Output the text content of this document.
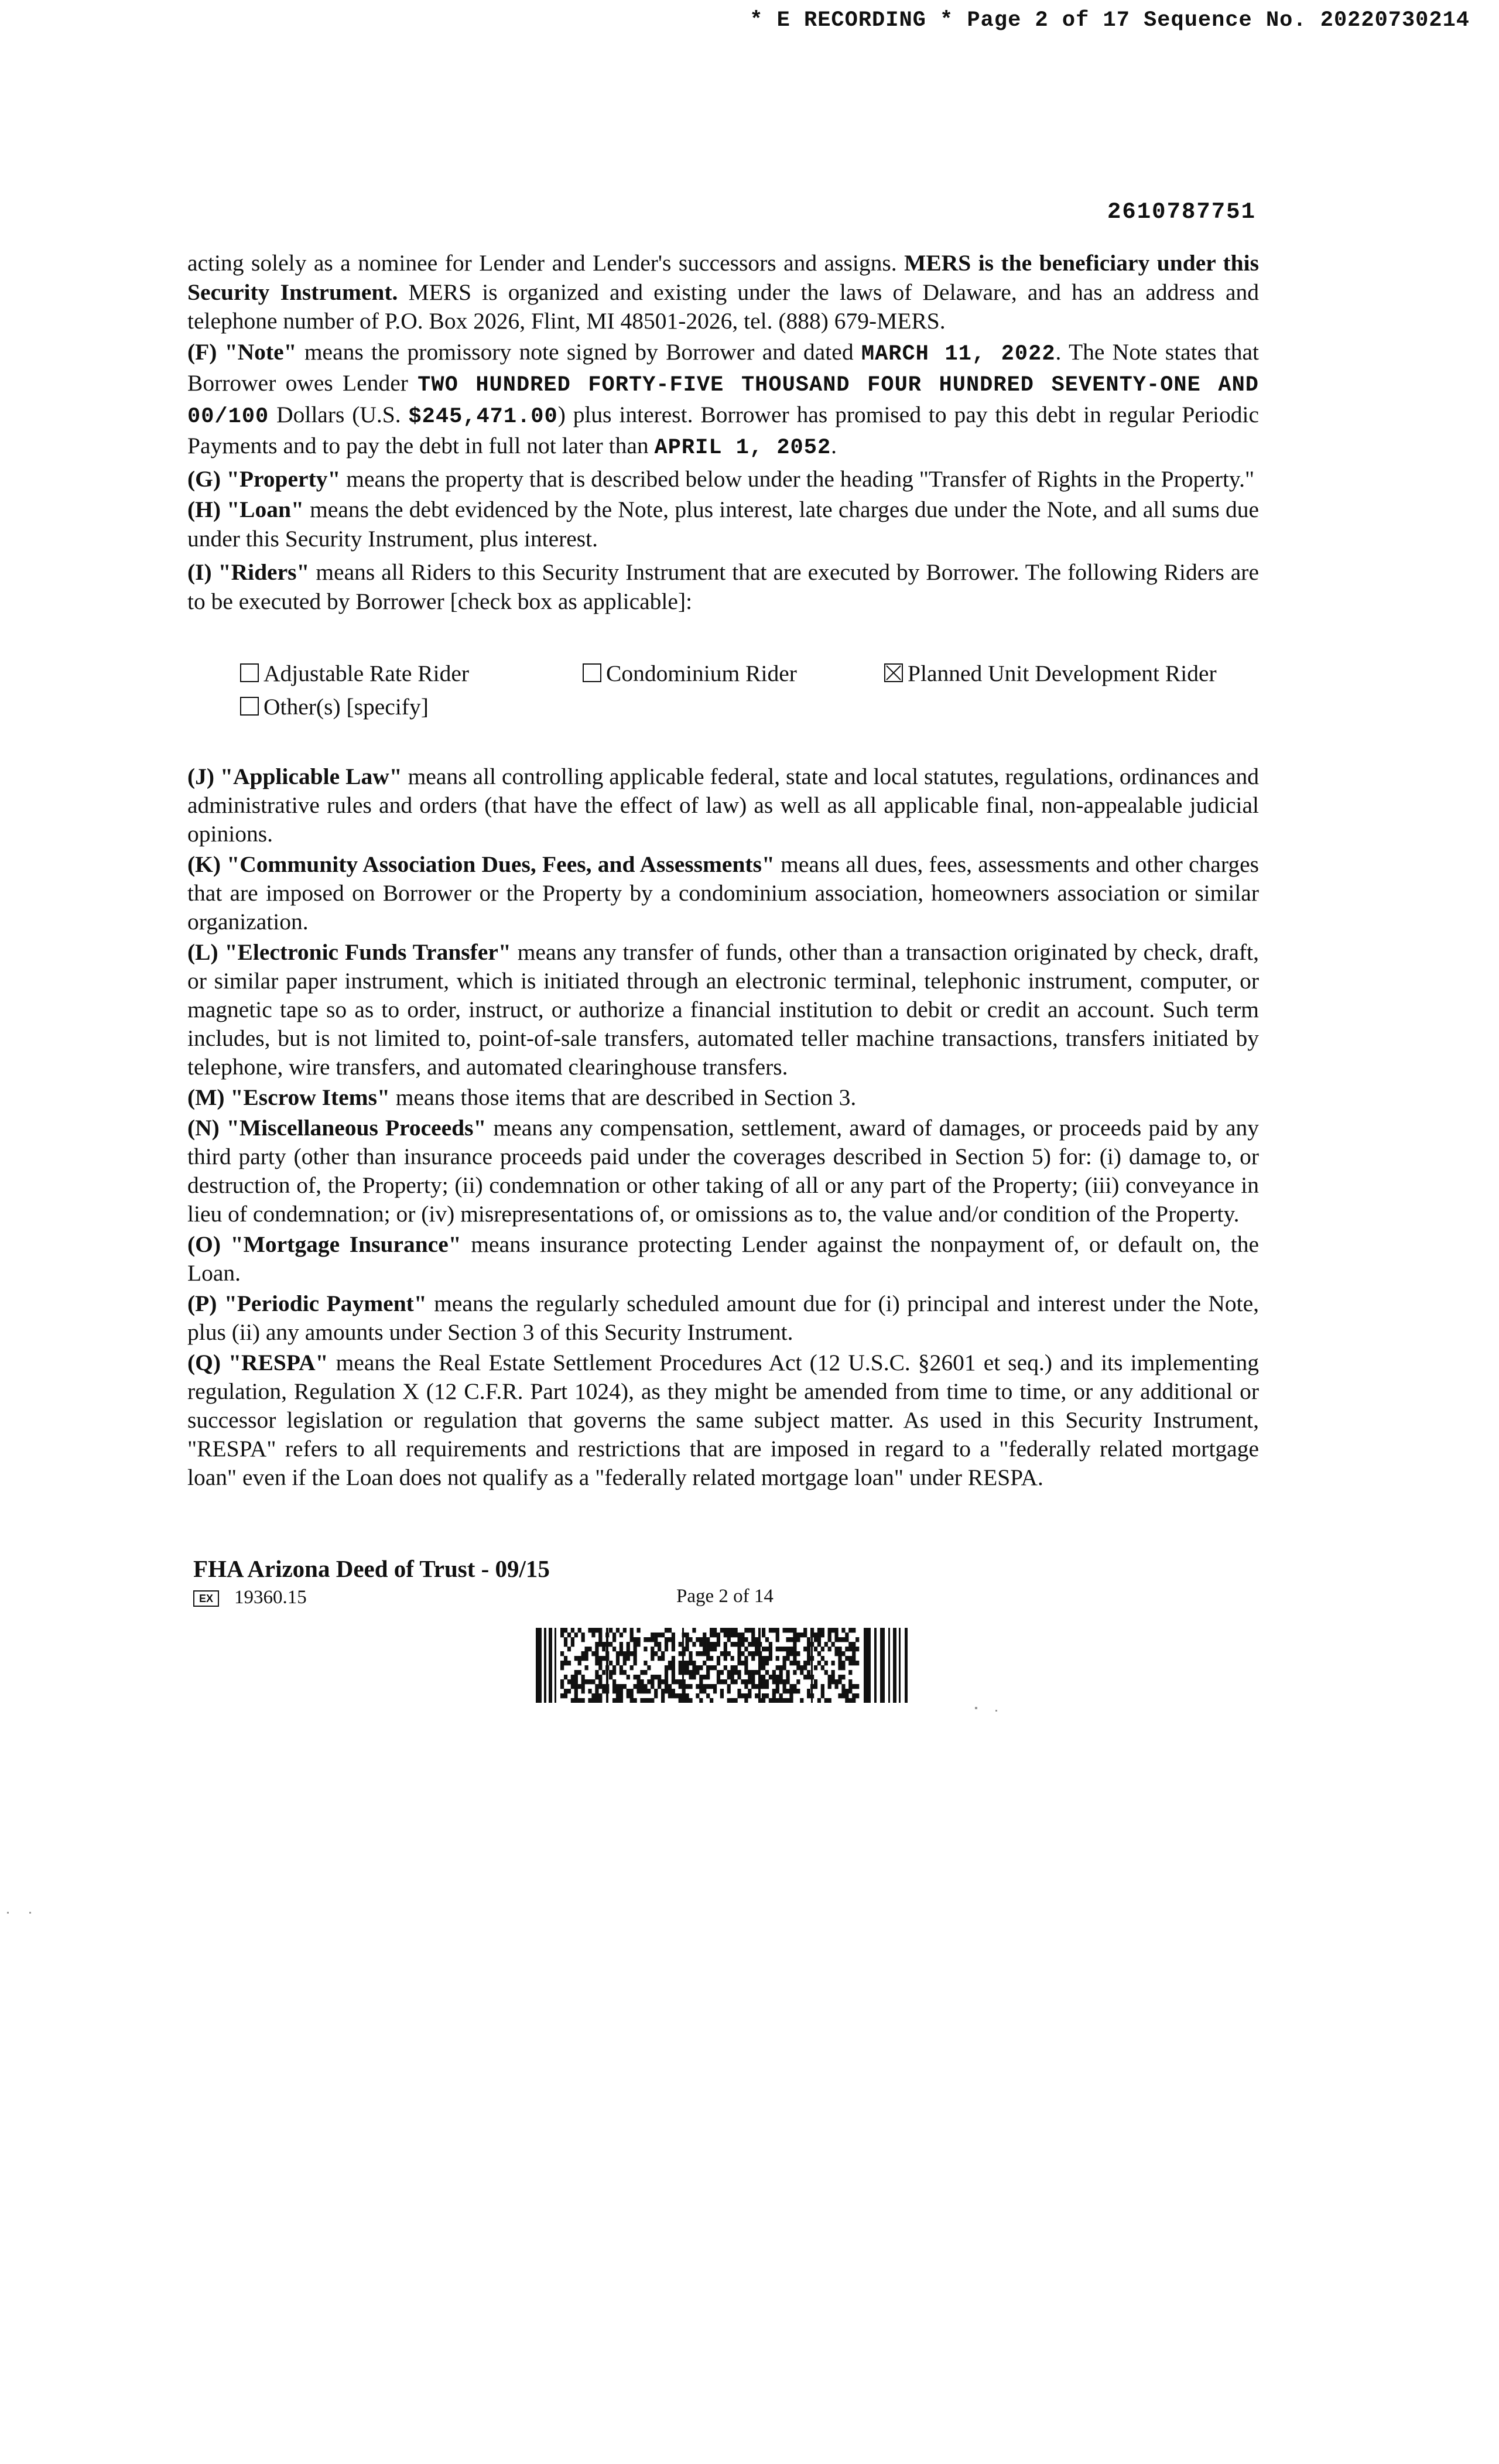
* E RECORDING * Page 2 of 17 Sequence No. 20220730214
2610787751

acting solely as a nominee for Lender and Lender's successors and assigns. MERS is the beneficiary under this Security Instrument. MERS is organized and existing under the laws of Delaware, and has an address and telephone number of P.O. Box 2026, Flint, MI 48501-2026, tel. (888) 679-MERS.

(F) "Note" means the promissory note signed by Borrower and dated MARCH 11, 2022. The Note states that Borrower owes Lender TWO HUNDRED FORTY-FIVE THOUSAND FOUR HUNDRED SEVENTY-ONE AND 00/100 Dollars (U.S. $245,471.00) plus interest. Borrower has promised to pay this debt in regular Periodic Payments and to pay the debt in full not later than APRIL 1, 2052.

(G) "Property" means the property that is described below under the heading "Transfer of Rights in the Property."

(H) "Loan" means the debt evidenced by the Note, plus interest, late charges due under the Note, and all sums due under this Security Instrument, plus interest.

(I) "Riders" means all Riders to this Security Instrument that are executed by Borrower. The following Riders are to be executed by Borrower [check box as applicable]:

Adjustable Rate Rider	Condominium Rider	Planned Unit Development Rider
Other(s) [specify]

(J) "Applicable Law" means all controlling applicable federal, state and local statutes, regulations, ordinances and administrative rules and orders (that have the effect of law) as well as all applicable final, non-appealable judicial opinions.

(K) "Community Association Dues, Fees, and Assessments" means all dues, fees, assessments and other charges that are imposed on Borrower or the Property by a condominium association, homeowners association or similar organization.

(L) "Electronic Funds Transfer" means any transfer of funds, other than a transaction originated by check, draft, or similar paper instrument, which is initiated through an electronic terminal, telephonic instrument, computer, or magnetic tape so as to order, instruct, or authorize a financial institution to debit or credit an account. Such term includes, but is not limited to, point-of-sale transfers, automated teller machine transactions, transfers initiated by telephone, wire transfers, and automated clearinghouse transfers.

(M) "Escrow Items" means those items that are described in Section 3.

(N) "Miscellaneous Proceeds" means any compensation, settlement, award of damages, or proceeds paid by any third party (other than insurance proceeds paid under the coverages described in Section 5) for: (i) damage to, or destruction of, the Property; (ii) condemnation or other taking of all or any part of the Property; (iii) conveyance in lieu of condemnation; or (iv) misrepresentations of, or omissions as to, the value and/or condition of the Property.

(O) "Mortgage Insurance" means insurance protecting Lender against the nonpayment of, or default on, the Loan.

(P) "Periodic Payment" means the regularly scheduled amount due for (i) principal and interest under the Note, plus (ii) any amounts under Section 3 of this Security Instrument.

(Q) "RESPA" means the Real Estate Settlement Procedures Act (12 U.S.C. §2601 et seq.) and its implementing regulation, Regulation X (12 C.F.R. Part 1024), as they might be amended from time to time, or any additional or successor legislation or regulation that governs the same subject matter. As used in this Security Instrument, "RESPA" refers to all requirements and restrictions that are imposed in regard to a "federally related mortgage loan" even if the Loan does not qualify as a "federally related mortgage loan" under RESPA.

FHA Arizona Deed of Trust - 09/15
EX 19360.15	Page 2 of 14
